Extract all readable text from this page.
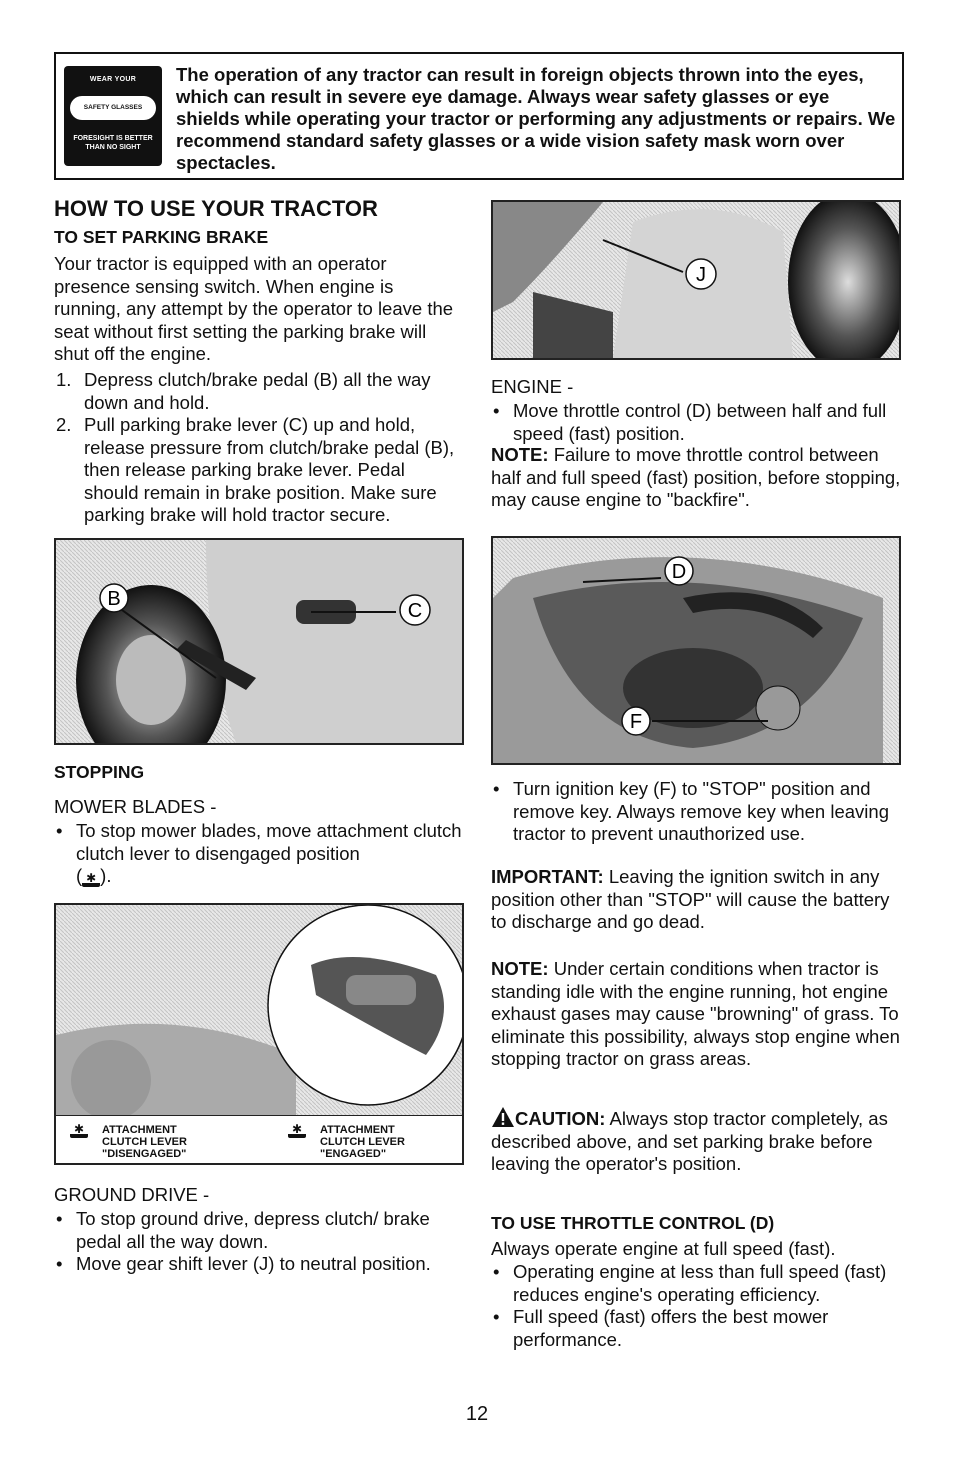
WEAR YOUR
SAFETY GLASSES
FORESIGHT IS BETTER
THAN NO SIGHT
The operation of any tractor can result in foreign objects thrown into the eyes, which can result in severe eye damage. Always wear safety glasses or eye shields while operating your tractor or performing any adjustments or repairs. We recommend standard safety glasses or a wide vision safety mask worn over spectacles.
HOW TO USE YOUR TRACTOR
TO SET PARKING BRAKE
Your tractor is equipped with an operator presence sensing switch. When engine is running, any attempt by the operator to leave the seat without first setting the parking brake will shut off the engine.
1. Depress clutch/brake pedal (B) all the way down and hold.
2. Pull parking brake lever (C) up and hold, release pressure from clutch/brake pedal (B), then release parking brake lever. Pedal should remain in brake position. Make sure parking brake will hold tractor secure.
B
C
STOPPING
MOWER BLADES -
• To stop mower blades, move attachment clutch clutch lever to disengaged position
( ✱ ).
✱	ATTACHMENT
CLUTCH LEVER
"DISENGAGED"
✱	ATTACHMENT
CLUTCH LEVER
"ENGAGED"
GROUND DRIVE -
• To stop ground drive, depress clutch/ brake pedal all the way down.
• Move gear shift lever (J) to neutral position.
J
ENGINE -
• Move throttle control (D) between half and full speed (fast) position.
NOTE: Failure to move throttle control between half and full speed (fast) position, before stopping, may cause engine to "backfire".
D
F
• Turn ignition key (F) to "STOP" position and remove key. Always remove key when leaving tractor to prevent unauthorized use.
IMPORTANT: Leaving the ignition switch in any position other than "STOP" will cause the battery to discharge and go dead.
NOTE: Under certain conditions when tractor is standing idle with the engine running, hot engine exhaust gases may cause "browning" of grass. To eliminate this possibility, always stop engine when stopping tractor on grass areas.
CAUTION: Always stop tractor completely, as described above, and set parking brake before leaving the operator's position.
TO USE THROTTLE CONTROL (D)
Always operate engine at full speed (fast).
• Operating engine at less than full speed (fast) reduces engine's operating efficiency.
• Full speed (fast) offers the best mower performance.
12
